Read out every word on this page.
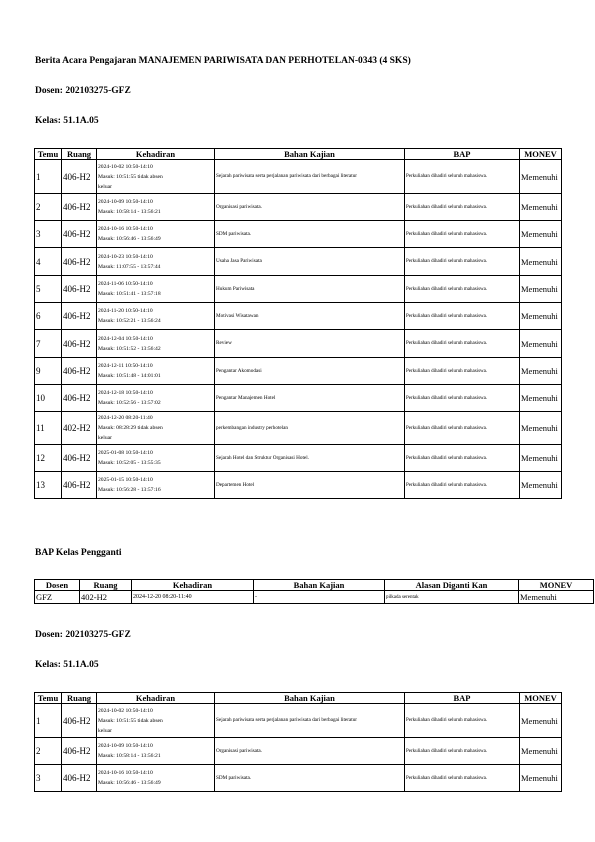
Berita Acara Pengajaran MANAJEMEN PARIWISATA DAN PERHOTELAN-0343 (4 SKS)
Dosen: 202103275-GFZ
Kelas: 51.1A.05
Temu	Ruang	Kehadiran	Bahan Kajian	BAP	MONEV
1	406-H2	2024-10-02 10:50-14:10
Masuk: 10:51:55 tidak absen
keluar	Sejarah pariwisata serta perjalanan pariwisata dari berbagai literatur	Perkuliahan dihadiri seluruh mahasiswa.	Memenuhi
2	406-H2	2024-10-09 10:50-14:10
Masuk: 10:58:14 - 13:56:21	Organisasi pariwisata.	Perkuliahan dihadiri seluruh mahasiswa.	Memenuhi
3	406-H2	2024-10-16 10:50-14:10
Masuk: 10:56:46 - 13:56:49	SDM pariwisata.	Perkuliahan dihadiri seluruh mahasiswa.	Memenuhi
4	406-H2	2024-10-23 10:50-14:10
Masuk: 11:07:55 - 13:57:44	Usaha Jasa Pariwisata	Perkuliahan dihadiri seluruh mahasiswa.	Memenuhi
5	406-H2	2024-11-06 10:50-14:10
Masuk: 10:51:41 - 13:57:18	Hukum Pariwisata	Perkuliahan dihadiri seluruh mahasiswa.	Memenuhi
6	406-H2	2024-11-20 10:50-14:10
Masuk: 10:52:21 - 13:56:24	Motivasi Wisatawan	Perkuliahan dihadiri seluruh mahasiswa.	Memenuhi
7	406-H2	2024-12-04 10:50-14:10
Masuk: 10:51:52 - 13:56:42	Review	Perkuliahan dihadiri seluruh mahasiswa.	Memenuhi
9	406-H2	2024-12-11 10:50-14:10
Masuk: 10:51:48 - 14:01:01	Pengantar Akomodasi	Perkuliahan dihadiri seluruh mahasiswa.	Memenuhi
10	406-H2	2024-12-18 10:50-14:10
Masuk: 10:52:56 - 13:57:02	Pengantar Manajemen Hotel	Perkuliahan dihadiri seluruh mahasiswa.	Memenuhi
11	402-H2	2024-12-20 08:20-11:40
Masuk: 08:28:29 tidak absen
keluar	perkembangan industry perhotelan	Perkuliahan dihadiri seluruh mahasiswa.	Memenuhi
12	406-H2	2025-01-08 10:50-14:10
Masuk: 10:52:05 - 13:55:35	Sejarah Hotel dan Struktur Organisasi Hotel.	Perkuliahan dihadiri seluruh mahasiswa.	Memenuhi
13	406-H2	2025-01-15 10:50-14:10
Masuk: 10:56:28 - 13:57:16	Departemen Hotel	Perkuliahan dihadiri seluruh mahasiswa.	Memenuhi
BAP Kelas Pengganti
Dosen	Ruang	Kehadiran	Bahan Kajian	Alasan Diganti Kan	MONEV
GFZ	402-H2	2024-12-20 08:20-11:40	-	pilkada serentak	Memenuhi
Dosen: 202103275-GFZ
Kelas: 51.1A.05
Temu	Ruang	Kehadiran	Bahan Kajian	BAP	MONEV
1	406-H2	2024-10-02 10:50-14:10
Masuk: 10:51:55 tidak absen
keluar	Sejarah pariwisata serta perjalanan pariwisata dari berbagai literatur	Perkuliahan dihadiri seluruh mahasiswa.	Memenuhi
2	406-H2	2024-10-09 10:50-14:10
Masuk: 10:58:14 - 13:56:21	Organisasi pariwisata.	Perkuliahan dihadiri seluruh mahasiswa.	Memenuhi
3	406-H2	2024-10-16 10:50-14:10
Masuk: 10:56:46 - 13:56:49	SDM pariwisata.	Perkuliahan dihadiri seluruh mahasiswa.	Memenuhi
